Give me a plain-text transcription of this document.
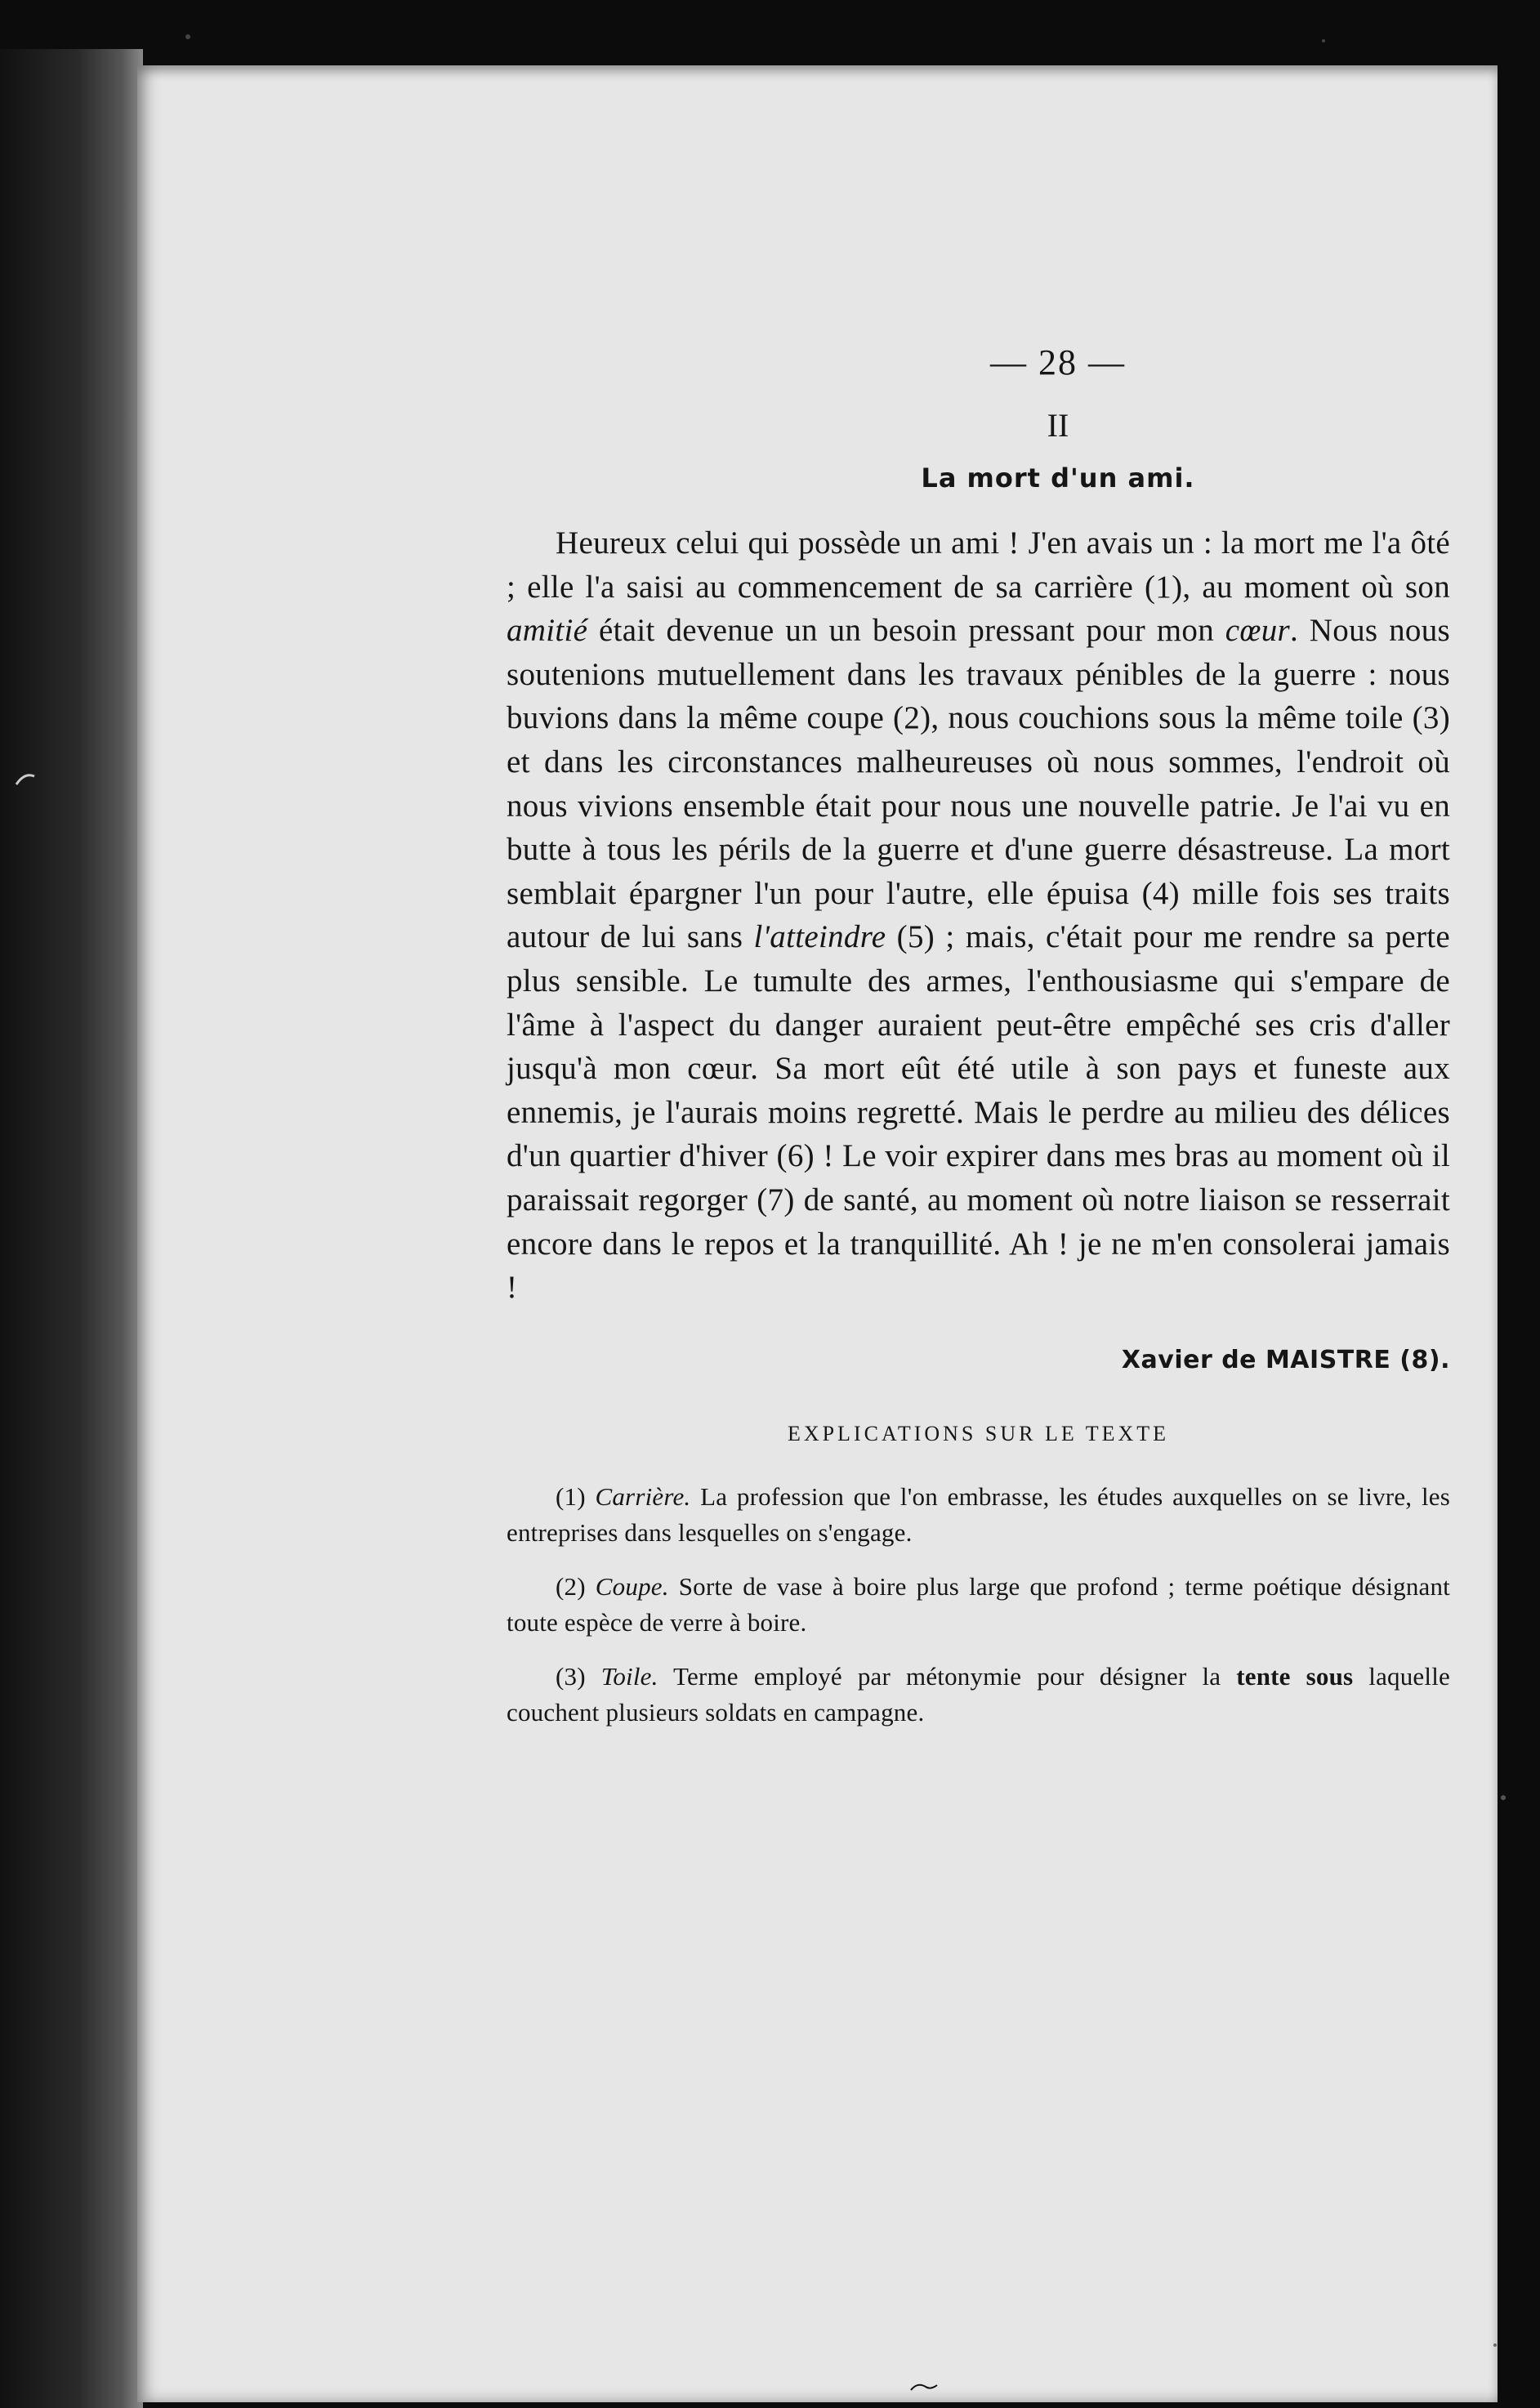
— 28 —
II
La mort d'un ami.

Heureux celui qui possède un ami ! J'en avais un : la mort me l'a ôté ; elle l'a saisi au commencement de sa carrière (1), au moment où son amitié était devenue un un besoin pressant pour mon cœur. Nous nous soutenions mutuellement dans les travaux pénibles de la guerre : nous buvions dans la même coupe (2), nous couchions sous la même toile (3) et dans les circonstances malheureuses où nous sommes, l'endroit où nous vivions ensemble était pour nous une nouvelle patrie. Je l'ai vu en butte à tous les périls de la guerre et d'une guerre désastreuse. La mort semblait épargner l'un pour l'autre, elle épuisa (4) mille fois ses traits autour de lui sans l'atteindre (5) ; mais, c'était pour me rendre sa perte plus sensible. Le tumulte des armes, l'enthousiasme qui s'empare de l'âme à l'aspect du danger auraient peut-être empêché ses cris d'aller jusqu'à mon cœur. Sa mort eût été utile à son pays et funeste aux ennemis, je l'aurais moins regretté. Mais le perdre au milieu des délices d'un quartier d'hiver (6) ! Le voir expirer dans mes bras au moment où il paraissait regorger (7) de santé, au moment où notre liaison se resserrait encore dans le repos et la tranquillité. Ah ! je ne m'en consolerai jamais !

Xavier de MAISTRE (8).
EXPLICATIONS SUR LE TEXTE

(1) Carrière. La profession que l'on embrasse, les études auxquelles on se livre, les entreprises dans lesquelles on s'engage.

(2) Coupe. Sorte de vase à boire plus large que profond ; terme poétique désignant toute espèce de verre à boire.

(3) Toile. Terme employé par métonymie pour désigner la tente sous laquelle couchent plusieurs soldats en campagne.
